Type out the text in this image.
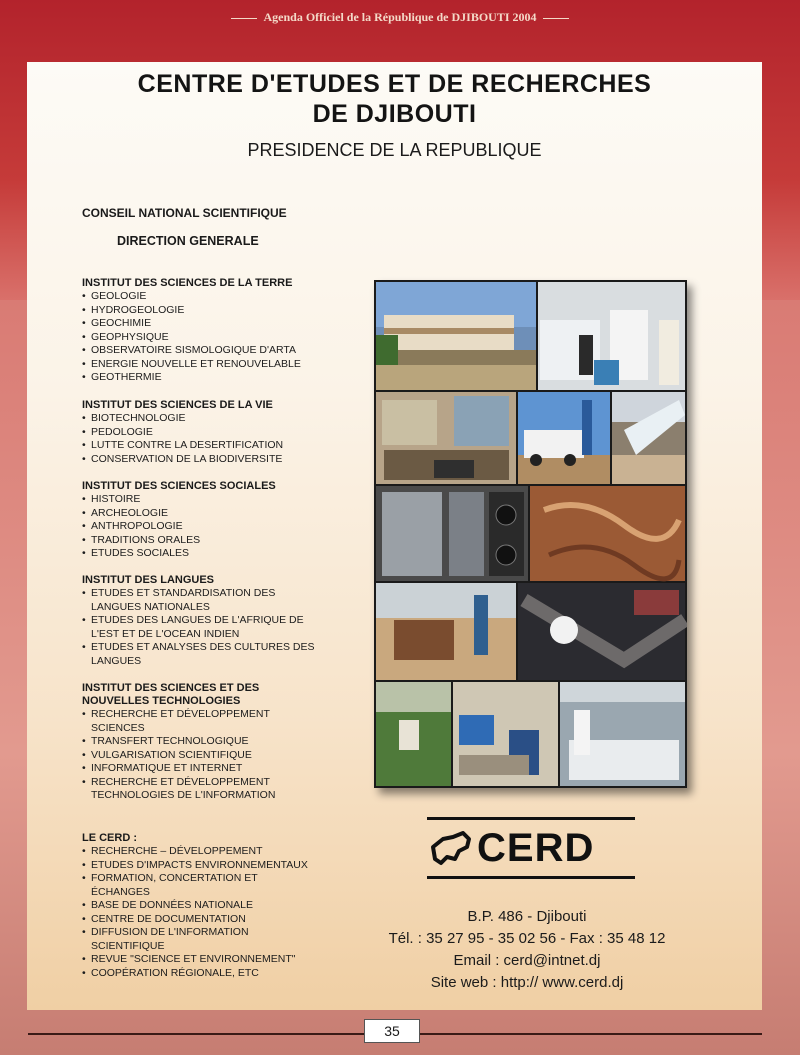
Agenda Officiel de la République de DJIBOUTI 2004
CENTRE D'ETUDES ET DE RECHERCHES
DE DJIBOUTI
PRESIDENCE DE LA REPUBLIQUE
CONSEIL NATIONAL SCIENTIFIQUE
DIRECTION GENERALE
INSTITUT DES SCIENCES DE LA TERRE
• GEOLOGIE
• HYDROGEOLOGIE
• GEOCHIMIE
• GEOPHYSIQUE
• OBSERVATOIRE SISMOLOGIQUE D'ARTA
• ENERGIE NOUVELLE ET RENOUVELABLE
• GEOTHERMIE
INSTITUT DES SCIENCES DE LA VIE
• BIOTECHNOLOGIE
• PEDOLOGIE
• LUTTE CONTRE LA DESERTIFICATION
• CONSERVATION DE LA BIODIVERSITE
INSTITUT DES SCIENCES SOCIALES
• HISTOIRE
• ARCHEOLOGIE
• ANTHROPOLOGIE
• TRADITIONS ORALES
• ETUDES SOCIALES
INSTITUT DES LANGUES
• ETUDES ET STANDARDISATION DES LANGUES NATIONALES
• ETUDES DES LANGUES DE L'AFRIQUE DE L'EST ET DE L'OCEAN INDIEN
• ETUDES ET ANALYSES DES CULTURES DES LANGUES
INSTITUT DES SCIENCES ET DES NOUVELLES TECHNOLOGIES
• RECHERCHE ET DÉVELOPPEMENT SCIENCES
• TRANSFERT TECHNOLOGIQUE
• VULGARISATION SCIENTIFIQUE
• INFORMATIQUE ET INTERNET
• RECHERCHE ET DÉVELOPPEMENT TECHNOLOGIES DE L'INFORMATION
LE CERD :
• RECHERCHE – DÉVELOPPEMENT
• ETUDES D'IMPACTS ENVIRONNEMENTAUX
• FORMATION, CONCERTATION ET ÉCHANGES
• BASE DE DONNÉES NATIONALE
• CENTRE DE DOCUMENTATION
• DIFFUSION DE L'INFORMATION SCIENTIFIQUE
• REVUE "SCIENCE ET ENVIRONNEMENT"
• COOPÉRATION RÉGIONALE, ETC
CERD
B.P. 486 - Djibouti
Tél. : 35 27 95 - 35 02 56 - Fax : 35 48 12
Email : cerd@intnet.dj
Site web : http:// www.cerd.dj
35
